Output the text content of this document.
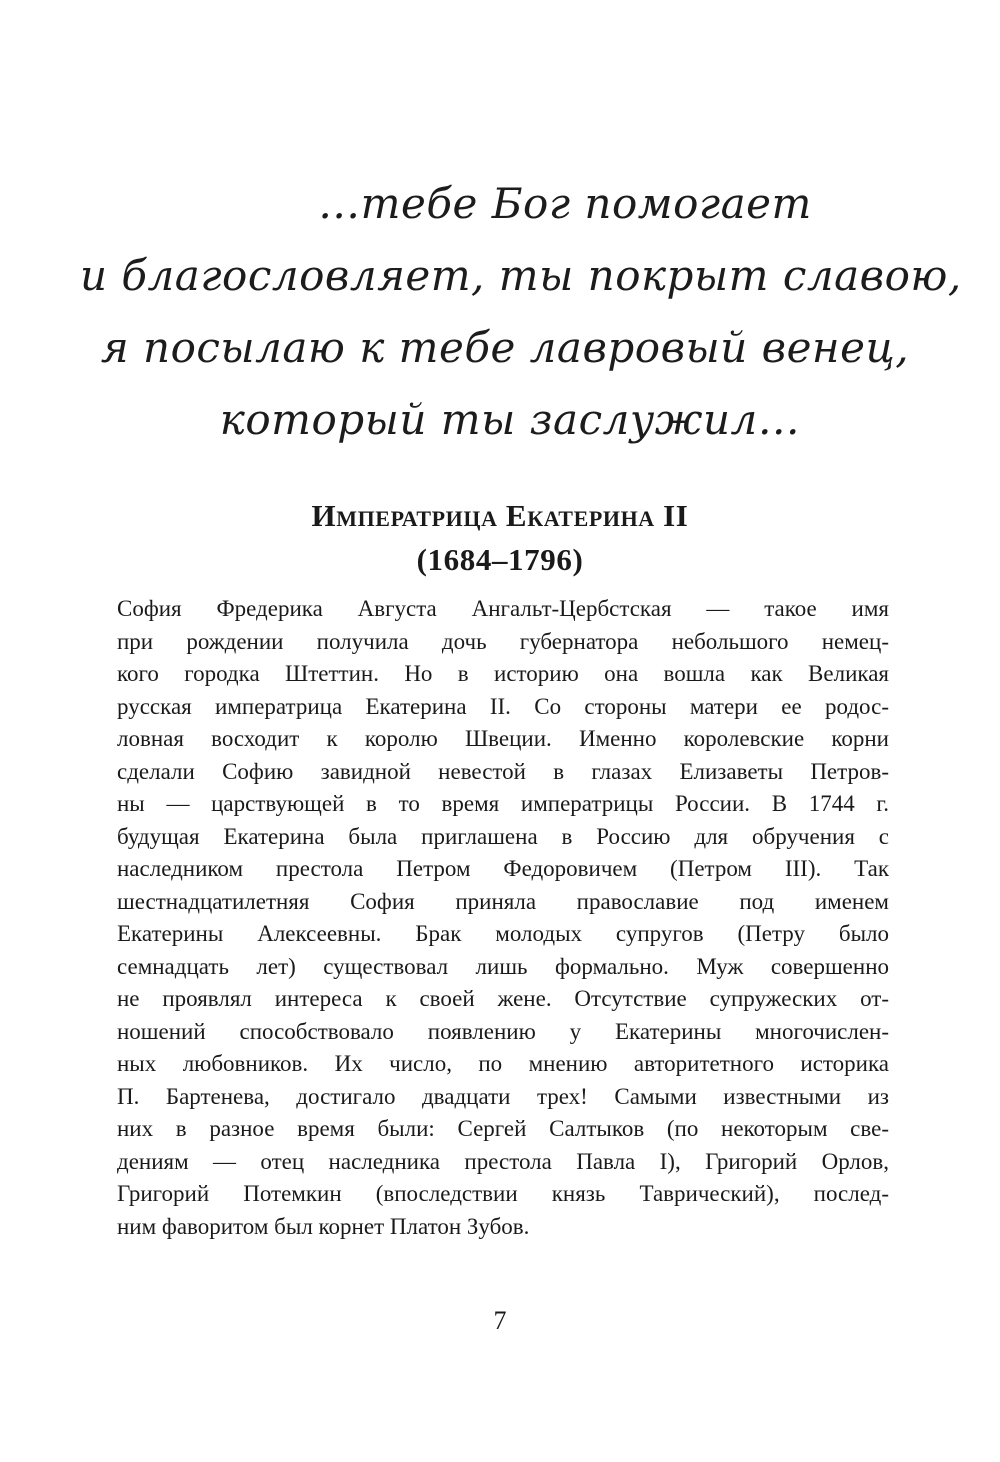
…тебе Бог помогает
и благословляет, ты покрыт славою,
я посылаю к тебе лавровый венец,
который ты заслужил…
Императрица Екатерина II
(1684–1796)
София Фредерика Августа Ангальт-Цербстская — такое имя
при рождении получила дочь губернатора небольшого немец-
кого городка Штеттин. Но в историю она вошла как Великая
русская императрица Екатерина II. Со стороны матери ее родос-
ловная восходит к королю Швеции. Именно королевские корни
сделали Софию завидной невестой в глазах Елизаветы Петров-
ны — царствующей в то время императрицы России. В 1744 г.
будущая Екатерина была приглашена в Россию для обручения с
наследником престола Петром Федоровичем (Петром III). Так
шестнадцатилетняя София приняла православие под именем
Екатерины Алексеевны. Брак молодых супругов (Петру было
семнадцать лет) существовал лишь формально. Муж совершенно
не проявлял интереса к своей жене. Отсутствие супружеских от-
ношений способствовало появлению у Екатерины многочислен-
ных любовников. Их число, по мнению авторитетного историка
П. Бартенева, достигало двадцати трех! Самыми известными из
них в разное время были: Сергей Салтыков (по некоторым све-
дениям — отец наследника престола Павла I), Григорий Орлов,
Григорий Потемкин (впоследствии князь Таврический), послед-
ним фаворитом был корнет Платон Зубов.
7
